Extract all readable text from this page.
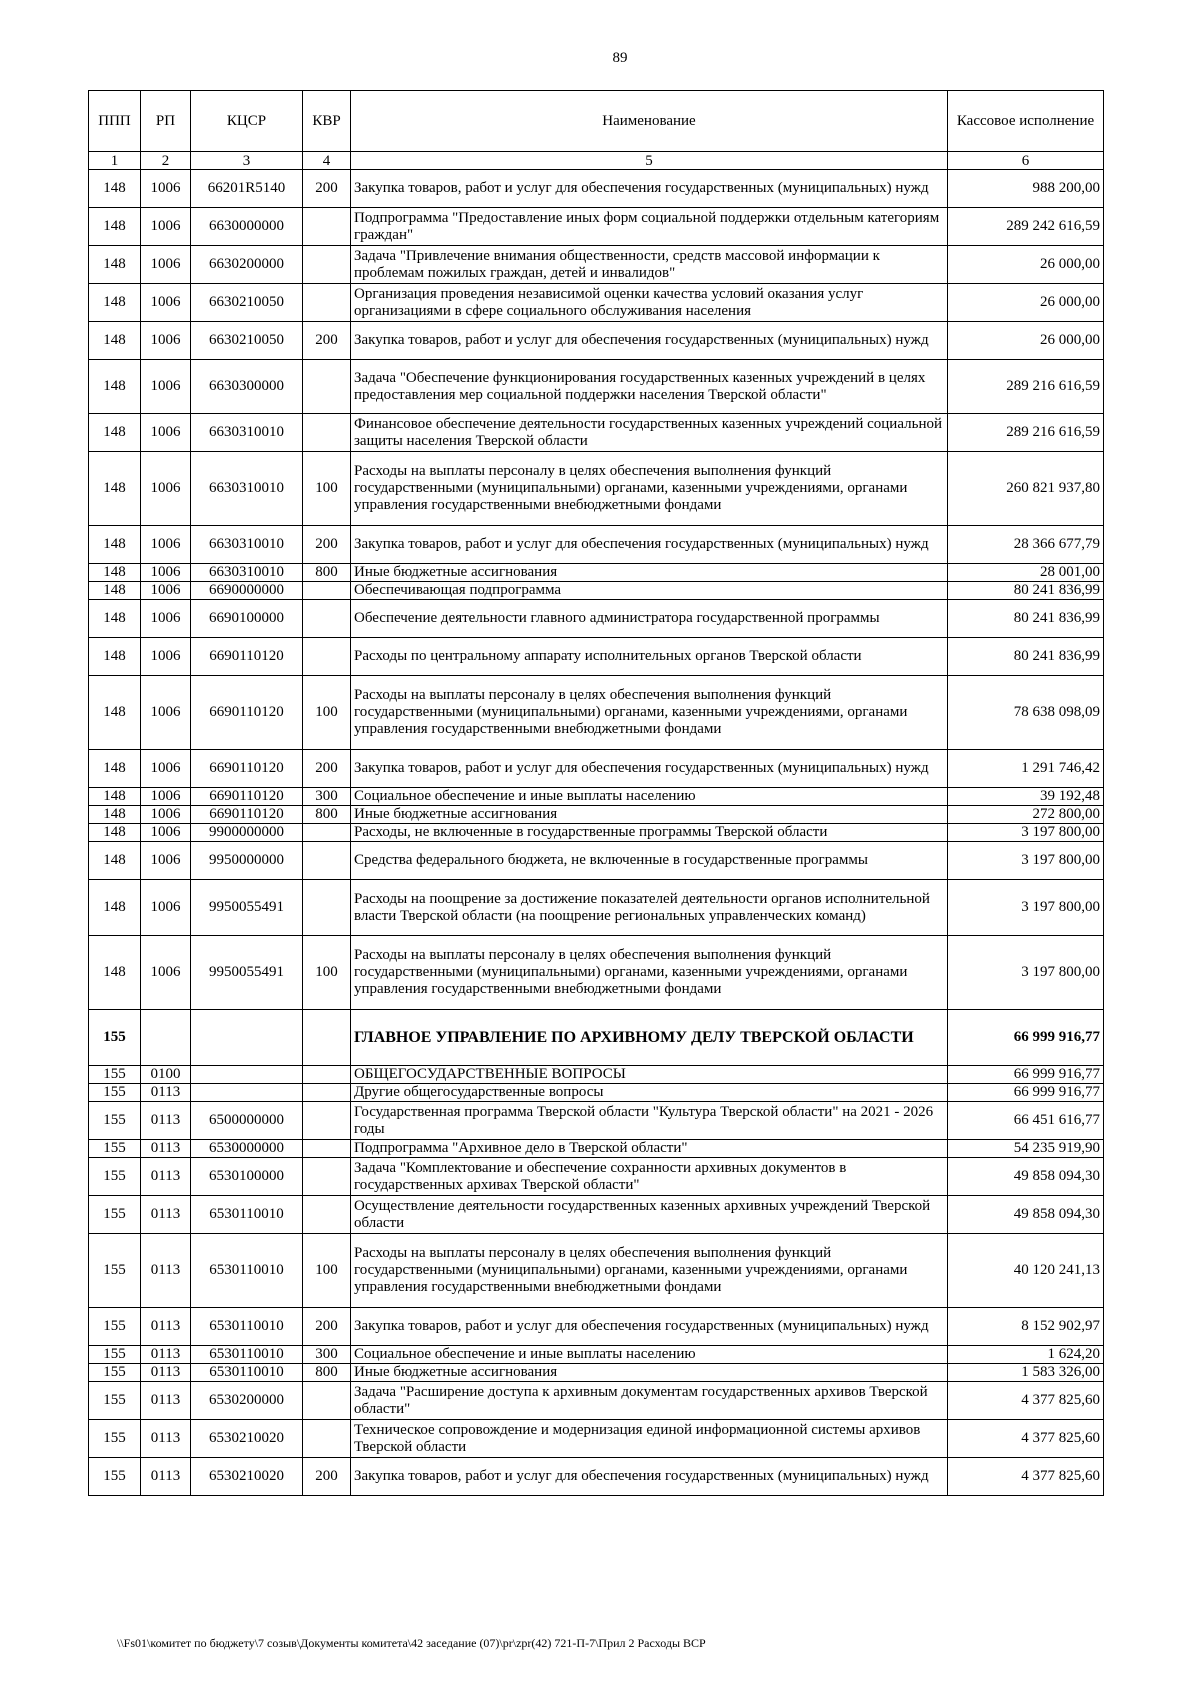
89
ППП	РП	КЦСР	КВР	Наименование	Кассовое исполнение
1	2	3	4	5	6
148	1006	66201R5140	200	Закупка товаров, работ и услуг для обеспечения государственных (муниципальных) нужд	988 200,00
148	1006	6630000000		Подпрограмма "Предоставление иных форм социальной поддержки отдельным категориям граждан"	289 242 616,59
148	1006	6630200000		Задача "Привлечение внимания общественности, средств массовой информации к проблемам пожилых граждан, детей и инвалидов"	26 000,00
148	1006	6630210050		Организация проведения независимой оценки качества условий оказания услуг организациями в сфере социального обслуживания населения	26 000,00
148	1006	6630210050	200	Закупка товаров, работ и услуг для обеспечения государственных (муниципальных) нужд	26 000,00
148	1006	6630300000		Задача "Обеспечение функционирования государственных казенных учреждений в целях предоставления мер социальной поддержки населения Тверской области"	289 216 616,59
148	1006	6630310010		Финансовое обеспечение деятельности государственных казенных учреждений социальной защиты населения Тверской области	289 216 616,59
148	1006	6630310010	100	Расходы на выплаты персоналу в целях обеспечения выполнения функций государственными (муниципальными) органами, казенными учреждениями, органами управления государственными внебюджетными фондами	260 821 937,80
148	1006	6630310010	200	Закупка товаров, работ и услуг для обеспечения государственных (муниципальных) нужд	28 366 677,79
148	1006	6630310010	800	Иные бюджетные ассигнования	28 001,00
148	1006	6690000000		Обеспечивающая подпрограмма	80 241 836,99
148	1006	6690100000		Обеспечение деятельности главного администратора государственной программы	80 241 836,99
148	1006	6690110120		Расходы по центральному аппарату исполнительных органов Тверской области	80 241 836,99
148	1006	6690110120	100	Расходы на выплаты персоналу в целях обеспечения выполнения функций государственными (муниципальными) органами, казенными учреждениями, органами управления государственными внебюджетными фондами	78 638 098,09
148	1006	6690110120	200	Закупка товаров, работ и услуг для обеспечения государственных (муниципальных) нужд	1 291 746,42
148	1006	6690110120	300	Социальное обеспечение и иные выплаты населению	39 192,48
148	1006	6690110120	800	Иные бюджетные ассигнования	272 800,00
148	1006	9900000000		Расходы, не включенные в государственные программы Тверской области	3 197 800,00
148	1006	9950000000		Средства федерального бюджета, не включенные в государственные программы	3 197 800,00
148	1006	9950055491		Расходы на поощрение за достижение показателей деятельности органов исполнительной власти Тверской области (на поощрение региональных управленческих команд)	3 197 800,00
148	1006	9950055491	100	Расходы на выплаты персоналу в целях обеспечения выполнения функций государственными (муниципальными) органами, казенными учреждениями, органами управления государственными внебюджетными фондами	3 197 800,00
155				ГЛАВНОЕ УПРАВЛЕНИЕ ПО АРХИВНОМУ ДЕЛУ ТВЕРСКОЙ ОБЛАСТИ	66 999 916,77
155	0100			ОБЩЕГОСУДАРСТВЕННЫЕ ВОПРОСЫ	66 999 916,77
155	0113			Другие общегосударственные вопросы	66 999 916,77
155	0113	6500000000		Государственная программа Тверской области "Культура Тверской области" на 2021 - 2026 годы	66 451 616,77
155	0113	6530000000		Подпрограмма "Архивное дело в Тверской области"	54 235 919,90
155	0113	6530100000		Задача "Комплектование и обеспечение сохранности архивных документов в государственных архивах Тверской области"	49 858 094,30
155	0113	6530110010		Осуществление деятельности государственных казенных архивных учреждений Тверской области	49 858 094,30
155	0113	6530110010	100	Расходы на выплаты персоналу в целях обеспечения выполнения функций государственными (муниципальными) органами, казенными учреждениями, органами управления государственными внебюджетными фондами	40 120 241,13
155	0113	6530110010	200	Закупка товаров, работ и услуг для обеспечения государственных (муниципальных) нужд	8 152 902,97
155	0113	6530110010	300	Социальное обеспечение и иные выплаты населению	1 624,20
155	0113	6530110010	800	Иные бюджетные ассигнования	1 583 326,00
155	0113	6530200000		Задача "Расширение доступа к архивным документам государственных архивов Тверской области"	4 377 825,60
155	0113	6530210020		Техническое сопровождение и модернизация единой информационной системы архивов Тверской области	4 377 825,60
155	0113	6530210020	200	Закупка товаров, работ и услуг для обеспечения государственных (муниципальных) нужд	4 377 825,60
\\Fs01\комитет по бюджету\7 созыв\Документы комитета\42 заседание (07)\pr\zpr(42) 721-П-7\Прил 2 Расходы ВСР
